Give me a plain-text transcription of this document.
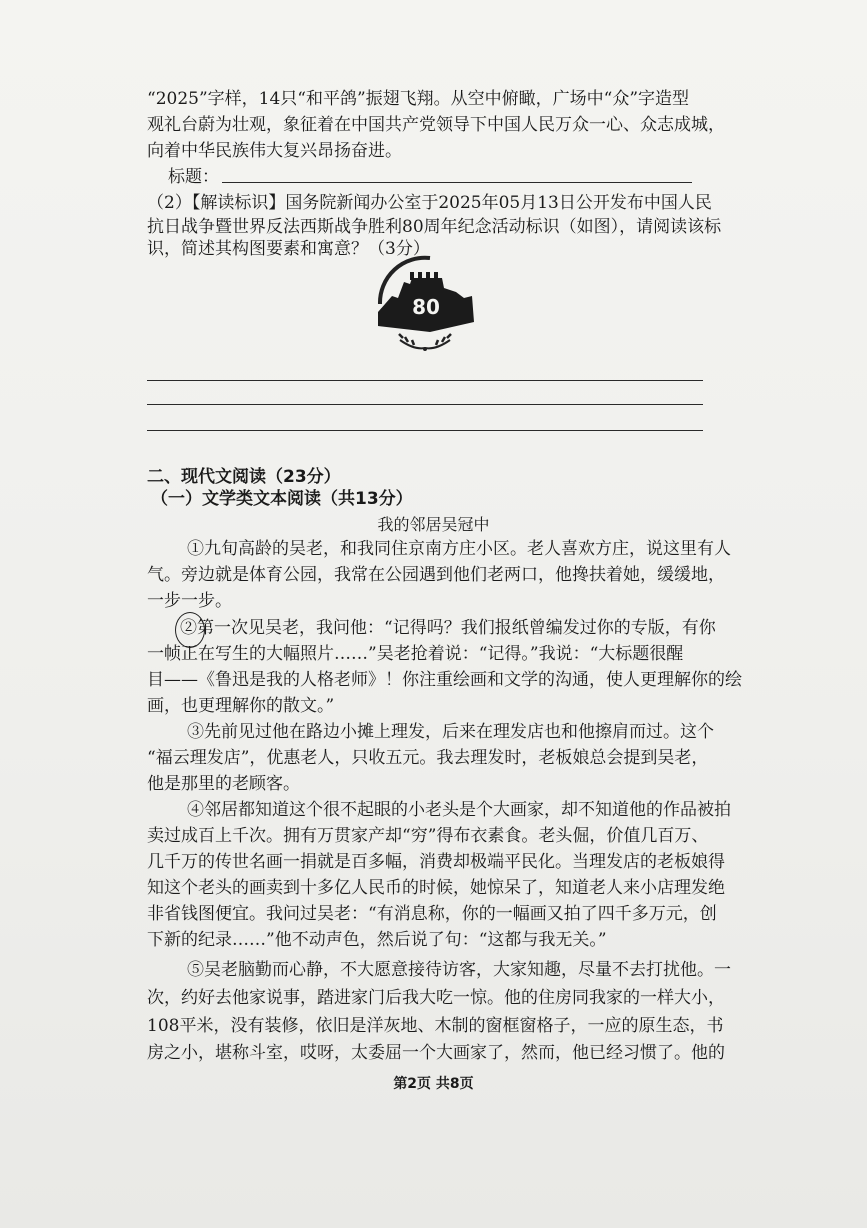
“2025”字样，14只“和平鸽”振翅飞翔。从空中俯瞰，广场中“众”字造型
观礼台蔚为壮观，象征着在中国共产党领导下中国人民万众一心、众志成城，
向着中华民族伟大复兴昂扬奋进。
标题：
（2）【解读标识】国务院新闻办公室于2025年05月13日公开发布中国人民
抗日战争暨世界反法西斯战争胜利80周年纪念活动标识（如图），请阅读该标
识，简述其构图要素和寓意？（3分）
80
二、现代文阅读（23分）
（一）文学类文本阅读（共13分）
我的邻居吴冠中
①九旬高龄的吴老，和我同住京南方庄小区。老人喜欢方庄，说这里有人
气。旁边就是体育公园，我常在公园遇到他们老两口，他搀扶着她，缓缓地，
一步一步。
②第一次见吴老，我问他：“记得吗？我们报纸曾编发过你的专版，有你
一帧正在写生的大幅照片……”吴老抢着说：“记得。”我说：“大标题很醒
目——《鲁迅是我的人格老师》！你注重绘画和文学的沟通，使人更理解你的绘
画，也更理解你的散文。”
③先前见过他在路边小摊上理发，后来在理发店也和他擦肩而过。这个
“福云理发店”，优惠老人，只收五元。我去理发时，老板娘总会提到吴老，
他是那里的老顾客。
④邻居都知道这个很不起眼的小老头是个大画家，却不知道他的作品被拍
卖过成百上千次。拥有万贯家产却“穷”得布衣素食。老头倔，价值几百万、
几千万的传世名画一捐就是百多幅，消费却极端平民化。当理发店的老板娘得
知这个老头的画卖到十多亿人民币的时候，她惊呆了，知道老人来小店理发绝
非省钱图便宜。我问过吴老：“有消息称，你的一幅画又拍了四千多万元，创
下新的纪录……”他不动声色，然后说了句：“这都与我无关。”
⑤吴老脑勤而心静，不大愿意接待访客，大家知趣，尽量不去打扰他。一
次，约好去他家说事，踏进家门后我大吃一惊。他的住房同我家的一样大小，
108平米，没有装修，依旧是洋灰地、木制的窗框窗格子，一应的原生态，书
房之小，堪称斗室，哎呀，太委屈一个大画家了，然而，他已经习惯了。他的
第2页 共8页
